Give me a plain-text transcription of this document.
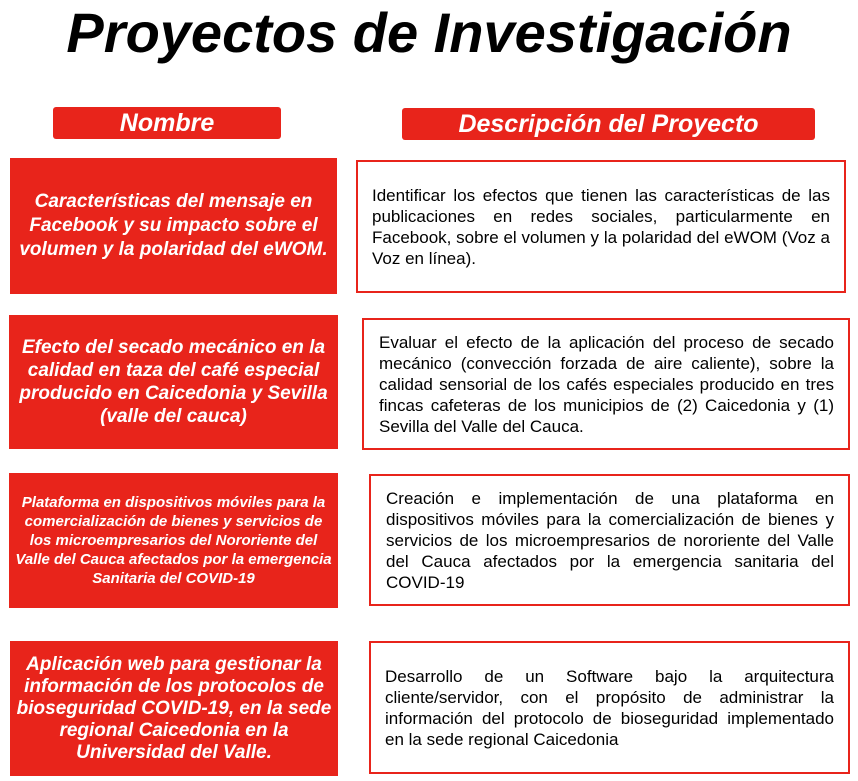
Proyectos de Investigación
Nombre	Descripción del Proyecto
Características del mensaje en Facebook y su impacto sobre el volumen y la polaridad del eWOM.
Identificar los efectos que tienen las características de las publicaciones en redes sociales, particularmente en Facebook, sobre el volumen y la polaridad del eWOM (Voz a Voz en línea).
Efecto del secado mecánico en la calidad en taza del café especial producido en Caicedonia y Sevilla
(valle del cauca)
Evaluar el efecto de la aplicación del proceso de secado mecánico (convección forzada de aire caliente), sobre la calidad sensorial de los cafés especiales producido en tres fincas cafeteras de los municipios de (2) Caicedonia y (1) Sevilla del Valle del Cauca.
Plataforma en dispositivos móviles para la comercialización de bienes y servicios de los microempresarios del Nororiente del Valle del Cauca afectados por la emergencia Sanitaria del COVID-19
Creación e implementación de una plataforma en dispositivos móviles para la comercialización de bienes y servicios de los microempresarios de nororiente del Valle del Cauca afectados por la emergencia sanitaria del COVID-19
Aplicación web para gestionar la información de los protocolos de bioseguridad COVID-19, en la sede regional Caicedonia en la Universidad del Valle.
Desarrollo de un Software bajo la arquitectura cliente/servidor, con el propósito de administrar la información del protocolo de bioseguridad implementado en la sede regional Caicedonia
